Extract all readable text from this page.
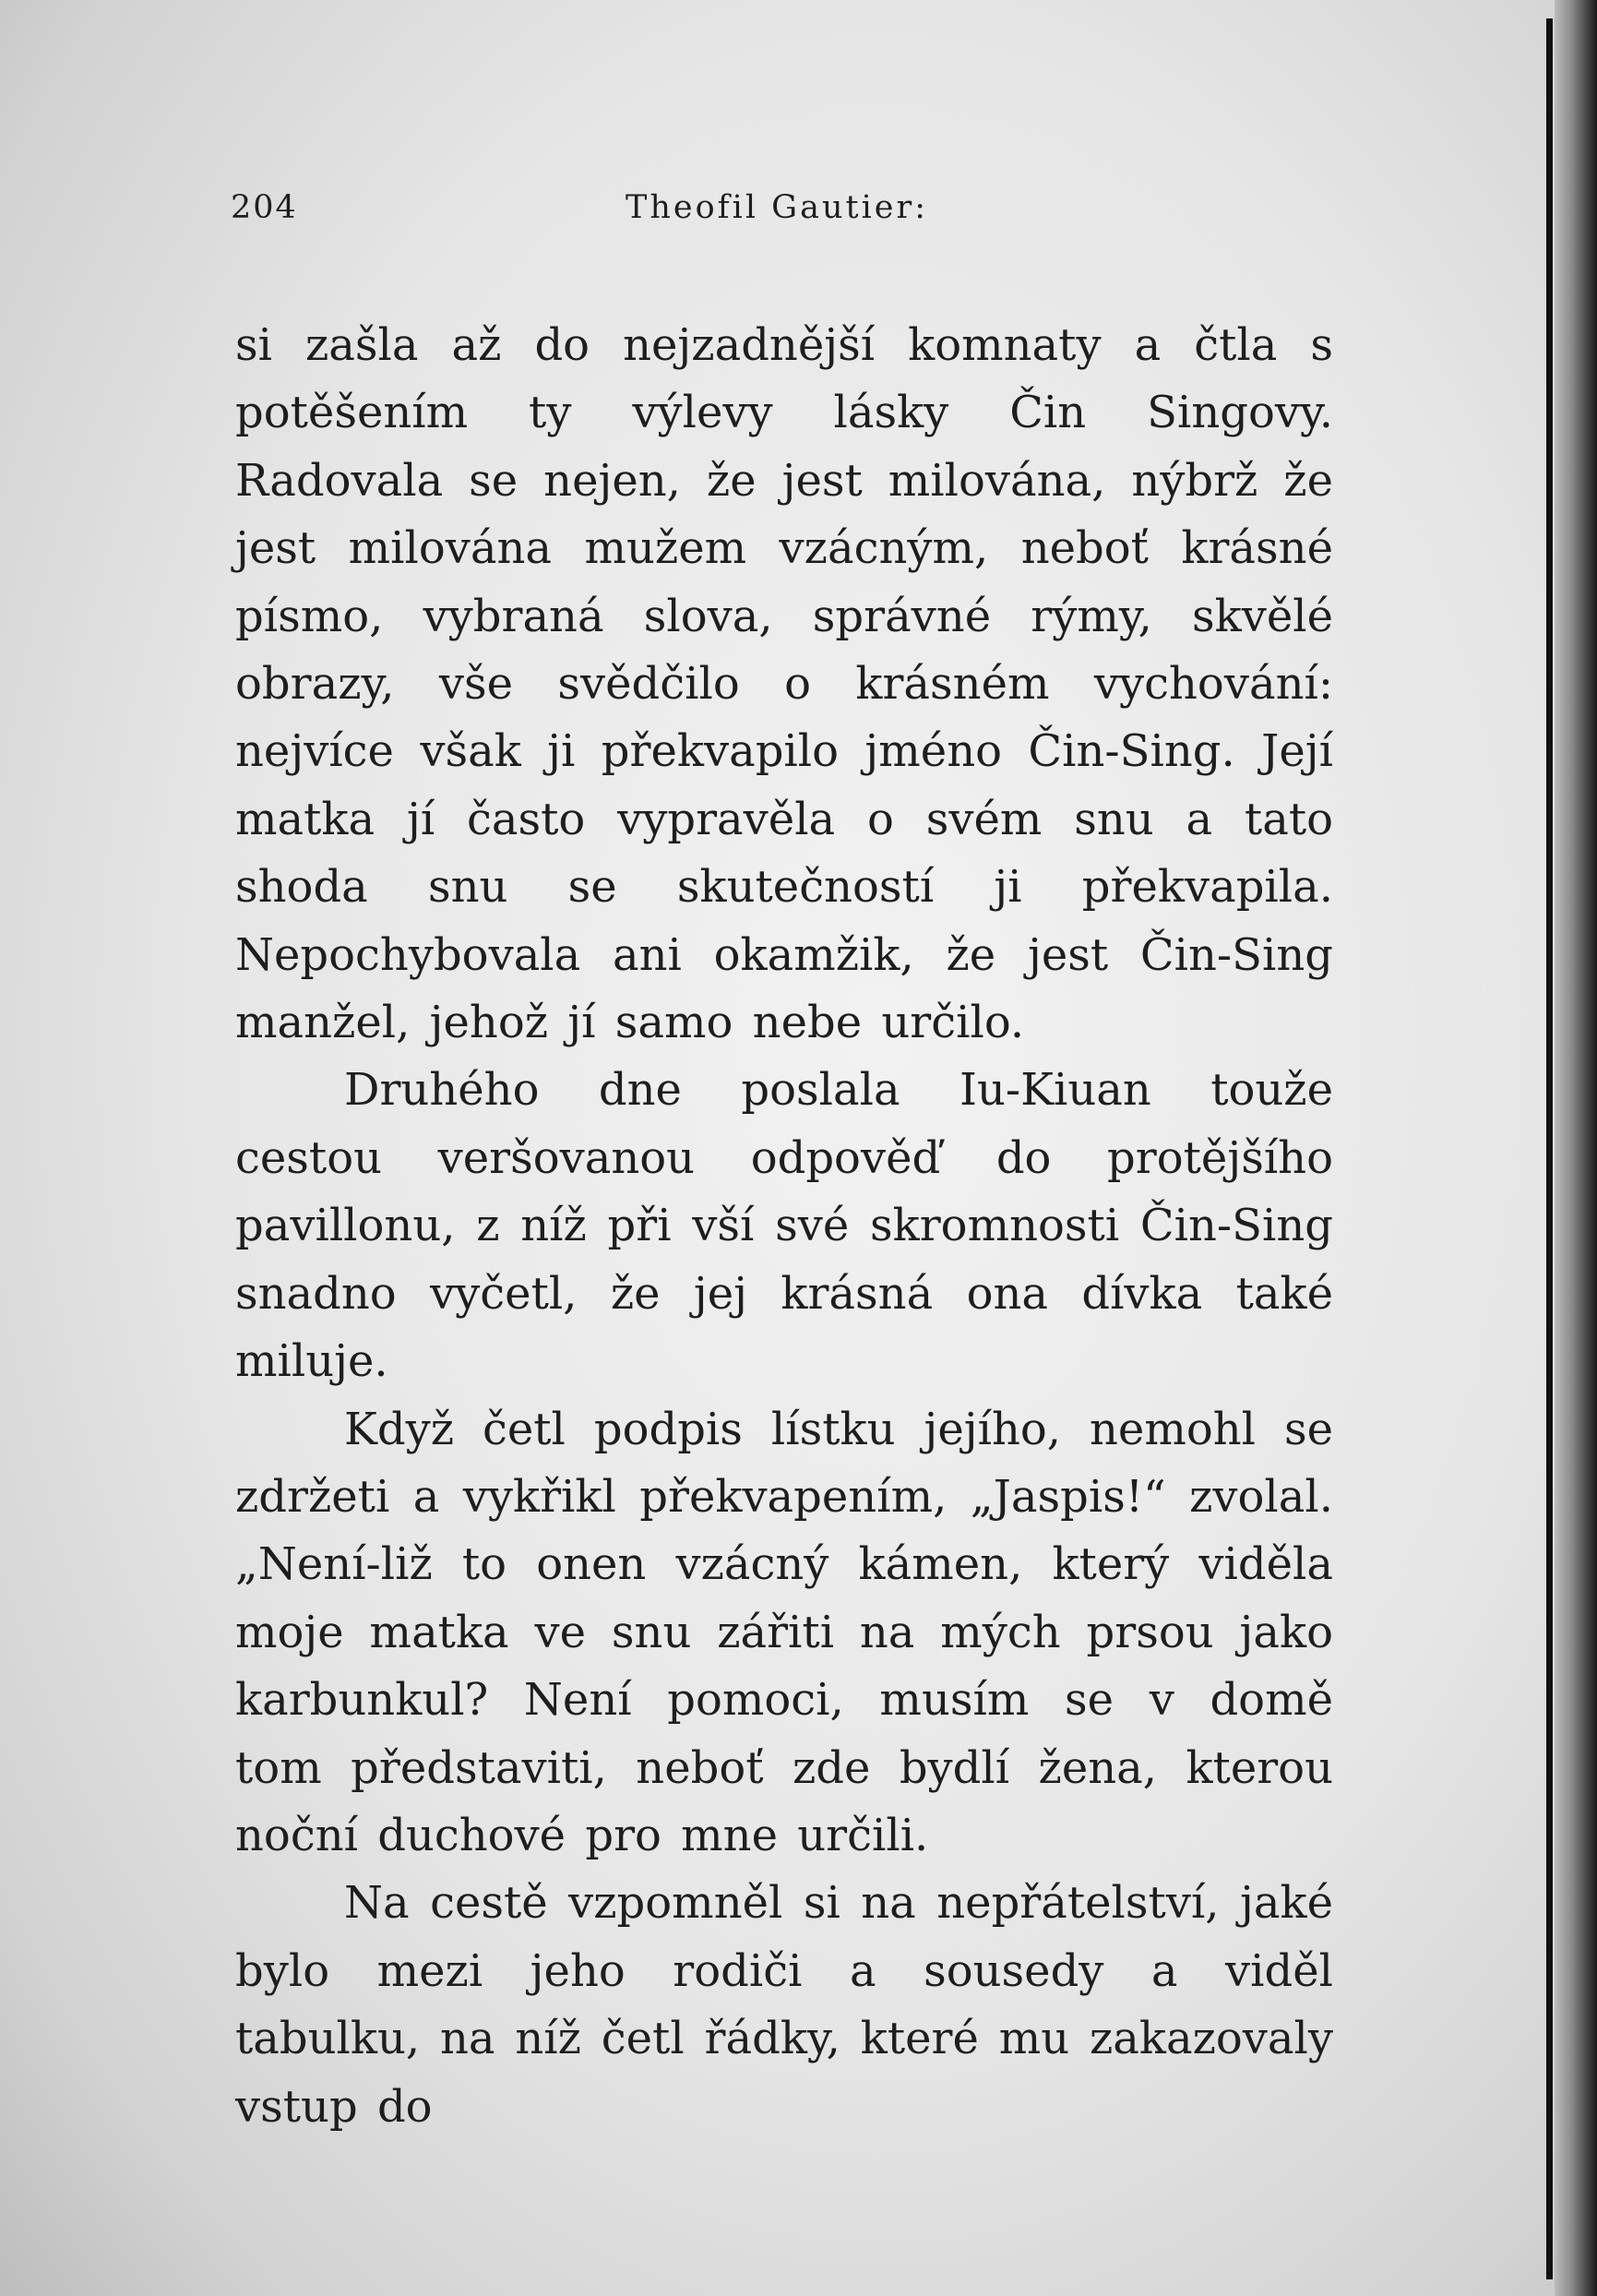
204	Theofil Gautier:

si zašla až do nejzadnější komnaty a čtla s potěšením ty výlevy lásky Čin Singovy. Radovala se nejen, že jest milována, nýbrž že jest milována mužem vzácným, neboť krásné písmo, vybraná slova, správné rýmy, skvělé obrazy, vše svědčilo o krásném vychování: nejvíce však ji překvapilo jméno Čin-Sing. Její matka jí často vypravěla o svém snu a tato shoda snu se skutečností ji překvapila. Nepochybovala ani okamžik, že jest Čin-Sing manžel, jehož jí samo nebe určilo.

Druhého dne poslala Iu-Kiuan touže cestou veršovanou odpověď do protějšího pavillonu, z níž při vší své skromnosti Čin-Sing snadno vyčetl, že jej krásná ona dívka také miluje.

Když četl podpis lístku jejího, nemohl se zdržeti a vykřikl překvapením, „Jaspis!“ zvolal. „Není-liž to onen vzácný kámen, který viděla moje matka ve snu zářiti na mých prsou jako karbunkul? Není pomoci, musím se v domě tom představiti, neboť zde bydlí žena, kterou noční duchové pro mne určili.

Na cestě vzpomněl si na nepřátelství, jaké bylo mezi jeho rodiči a sousedy a viděl tabulku, na níž četl řádky, které mu zakazovaly vstup do
